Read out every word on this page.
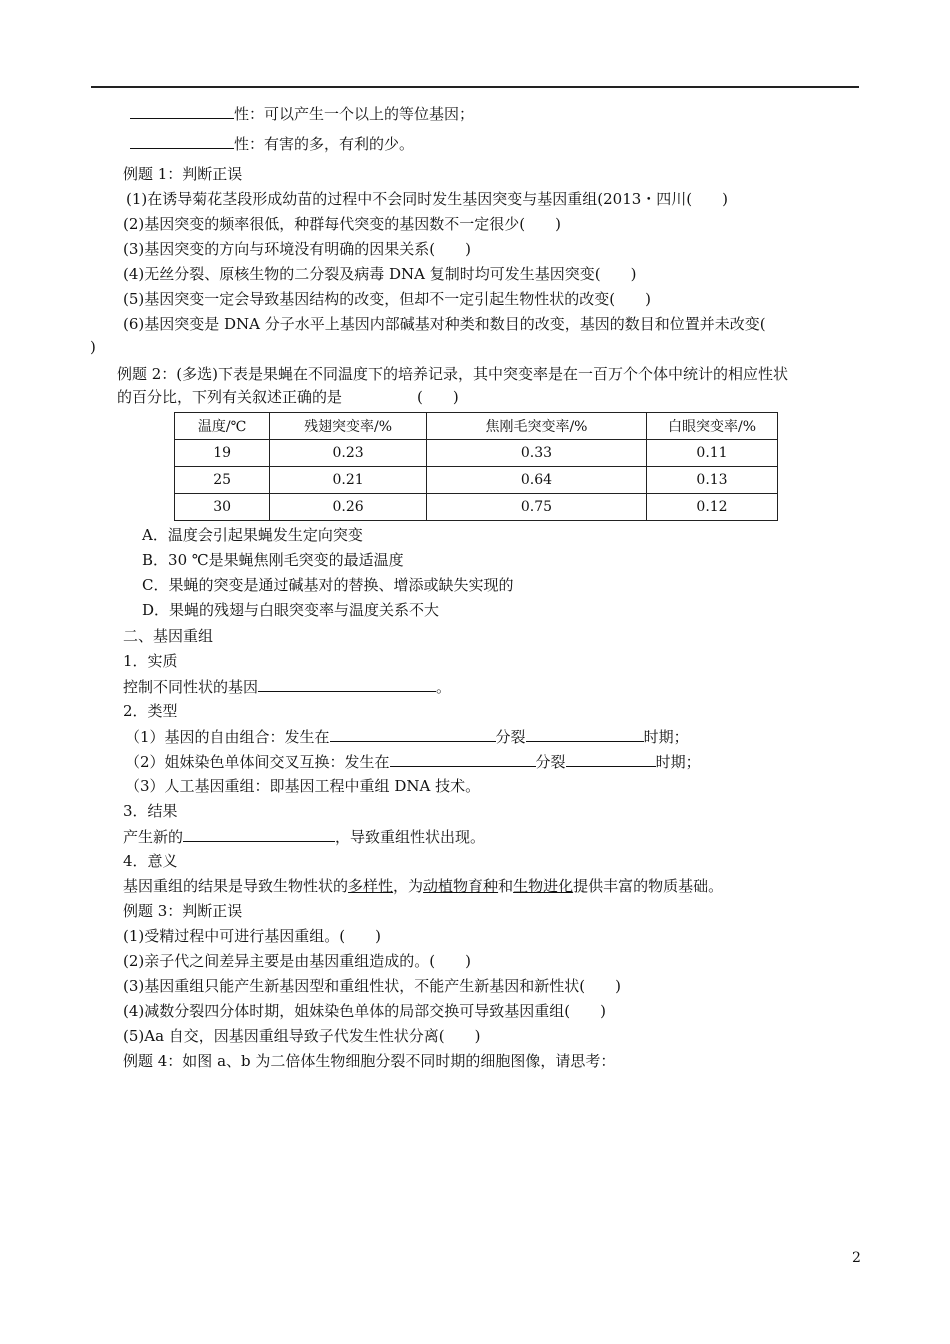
性：可以产生一个以上的等位基因；
性：有害的多，有利的少。
例题 1：判断正误
(1)在诱导菊花茎段形成幼苗的过程中不会同时发生基因突变与基因重组(2013・四川(　　)
(2)基因突变的频率很低，种群每代突变的基因数不一定很少(　　)
(3)基因突变的方向与环境没有明确的因果关系(　　)
(4)无丝分裂、原核生物的二分裂及病毒 DNA 复制时均可发生基因突变(　　)
(5)基因突变一定会导致基因结构的改变，但却不一定引起生物性状的改变(　　)
(6)基因突变是 DNA 分子水平上基因内部碱基对种类和数目的改变，基因的数目和位置并未改变(
)
例题 2：(多选)下表是果蝇在不同温度下的培养记录，其中突变率是在一百万个个体中统计的相应性状
的百分比，下列有关叙述正确的是　　　　　(　　)
温度/℃	残翅突变率/%	焦刚毛突变率/%	白眼突变率/%
19	0.23	0.33	0.11
25	0.21	0.64	0.13
30	0.26	0.75	0.12
A．温度会引起果蝇发生定向突变
B．30 ℃是果蝇焦刚毛突变的最适温度
C．果蝇的突变是通过碱基对的替换、增添或缺失实现的
D．果蝇的残翅与白眼突变率与温度关系不大
二、基因重组
1．实质
控制不同性状的基因	。
2．类型
（1）基因的自由组合：发生在	分裂	时期；
（2）姐妹染色单体间交叉互换：发生在	分裂	时期；
（3）人工基因重组：即基因工程中重组 DNA 技术。
3．结果
产生新的	，导致重组性状出现。
4．意义
基因重组的结果是导致生物性状的多样性，为动植物育种和生物进化提供丰富的物质基础。
例题 3：判断正误
(1)受精过程中可进行基因重组。(　　)
(2)亲子代之间差异主要是由基因重组造成的。(　　)
(3)基因重组只能产生新基因型和重组性状，不能产生新基因和新性状(　　)
(4)减数分裂四分体时期，姐妹染色单体的局部交换可导致基因重组(　　)
(5)Aa 自交，因基因重组导致子代发生性状分离(　　)
例题 4：如图 a、b 为二倍体生物细胞分裂不同时期的细胞图像，请思考：
2
